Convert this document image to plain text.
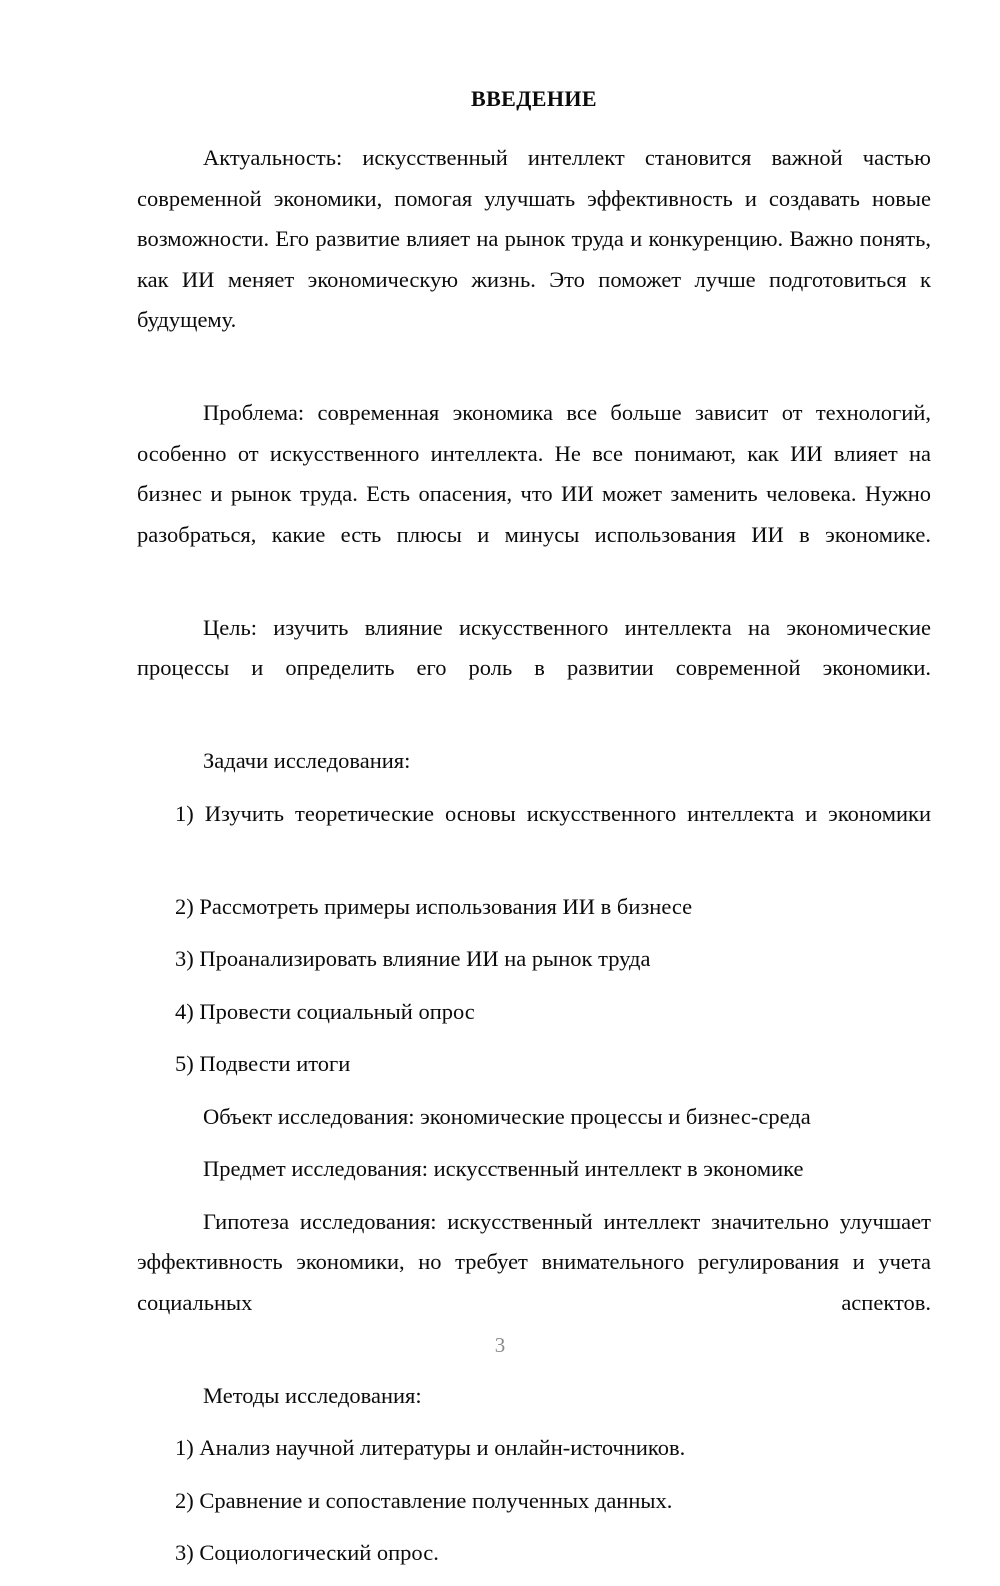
ВВЕДЕНИЕ

Актуальность: искусственный интеллект становится важной частью современной экономики, помогая улучшать эффективность и создавать новые возможности. Его развитие влияет на рынок труда и конкуренцию. Важно понять, как ИИ меняет экономическую жизнь. Это поможет лучше подготовиться к будущему.

Проблема: современная экономика все больше зависит от технологий, особенно от искусственного интеллекта. Не все понимают, как ИИ влияет на бизнес и рынок труда. Есть опасения, что ИИ может заменить человека. Нужно разобраться, какие есть плюсы и минусы использования ИИ в экономике.

Цель: изучить влияние искусственного интеллекта на экономические процессы и определить его роль в развитии современной экономики.

Задачи исследования:

1) Изучить теоретические основы искусственного интеллекта и экономики

2) Рассмотреть примеры использования ИИ в бизнесе

3) Проанализировать влияние ИИ на рынок труда

4) Провести социальный опрос

5) Подвести итоги

Объект исследования: экономические процессы и бизнес-среда

Предмет исследования: искусственный интеллект в экономике

Гипотеза исследования: искусственный интеллект значительно улучшает эффективность экономики, но требует внимательного регулирования и учета социальных аспектов.

Методы исследования:

1) Анализ научной литературы и онлайн-источников.

2) Сравнение и сопоставление полученных данных.

3) Социологический опрос.

3
